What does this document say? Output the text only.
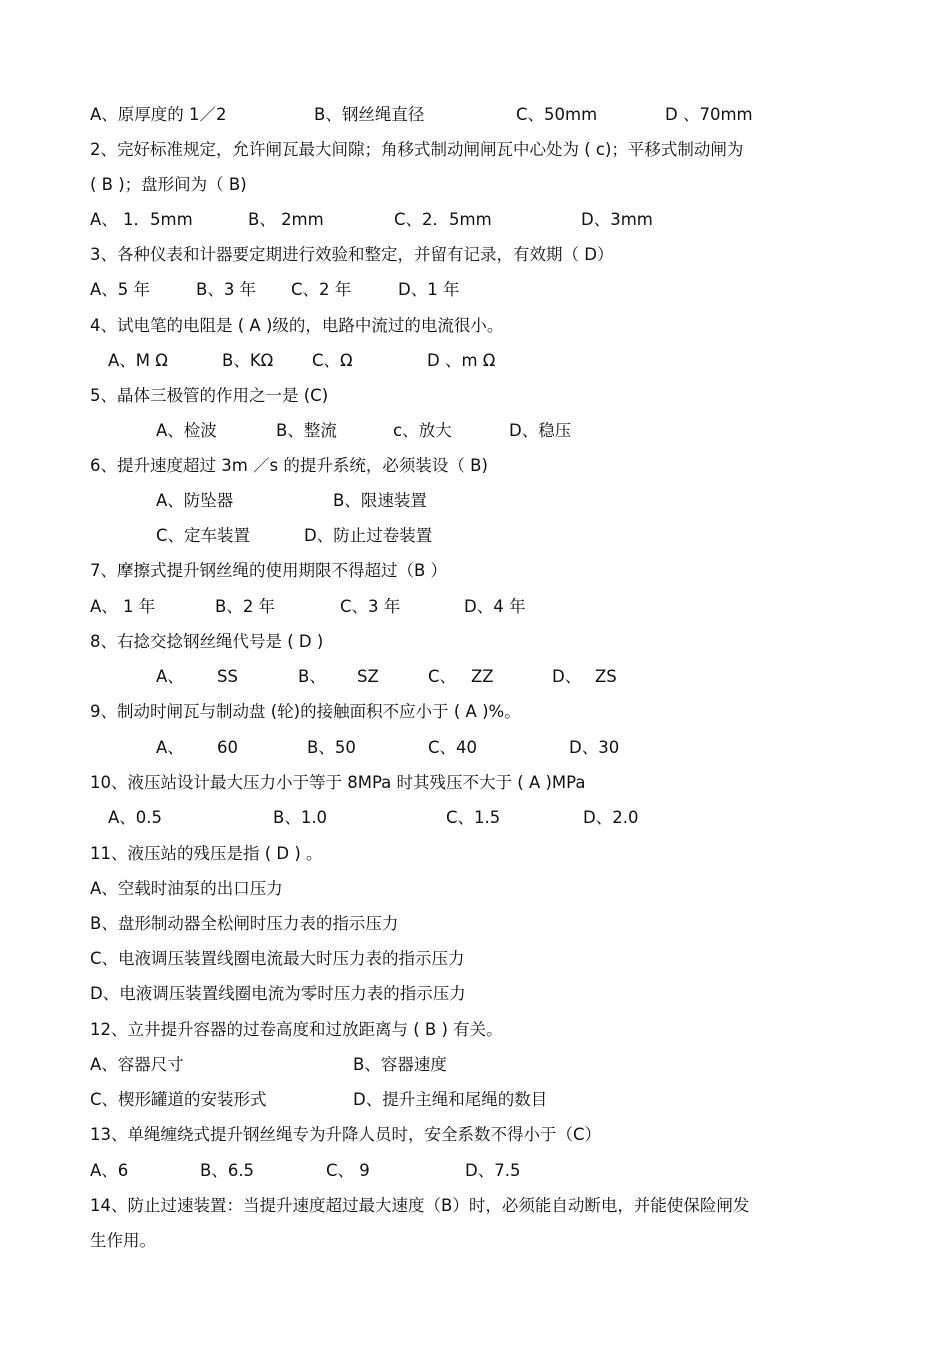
A、原厚度的 1／2	B、钢丝绳直径	C、50mm	D 、70mm
2、完好标准规定，允许闸瓦最大间隙；角移式制动闸闸瓦中心处为 ( c)；平移式制动闸为
( B )；盘形间为（ B)
A、 1．5mm	B、 2mm	C、2．5mm	D、3mm
3、各种仪表和计器要定期进行效验和整定，并留有记录，有效期（ D）
A、5 年	B、3 年 C、2 年	D、1 年
4、试电笔的电阻是 ( A )级的，电路中流过的电流很小。
A、M Ω	B、KΩ C、Ω	D 、m Ω
5、晶体三极管的作用之一是 (C)
A、检波	B、整流	c、放大	D、稳压
6、提升速度超过 3m ／s 的提升系统，必须装设（ B)
A、防坠器	B、限速装置
C、定车装置	D、防止过卷装置
7、摩擦式提升钢丝绳的使用期限不得超过（B ）
A、 1 年	B、2 年	C、3 年	D、4 年
8、右捻交捻钢丝绳代号是 ( D )
A、 SS	B、 SZ	C、 ZZ	D、 ZS
9、制动时闸瓦与制动盘 (轮)的接触面积不应小于 ( A )%。
A、 60	B、50	C、40	D、30
10、液压站设计最大压力小于等于 8MPa 时其残压不大于 ( A )MPa
A、0.5	B、1.0	C、1.5	D、2.0
11、液压站的残压是指 ( D ) 。
A、空载时油泵的出口压力
B、盘形制动器全松闸时压力表的指示压力
C、电液调压装置线圈电流最大时压力表的指示压力
D、电液调压装置线圈电流为零时压力表的指示压力
12、立井提升容器的过卷高度和过放距离与 ( B ) 有关。
A、容器尺寸	B、容器速度
C、楔形罐道的安装形式	D、提升主绳和尾绳的数目
13、单绳缠绕式提升钢丝绳专为升降人员时，安全系数不得小于（C）
A、6	B、6.5	C、 9	D、7.5
14、防止过速装置：当提升速度超过最大速度（B）时，必须能自动断电，并能使保险闸发
生作用。
